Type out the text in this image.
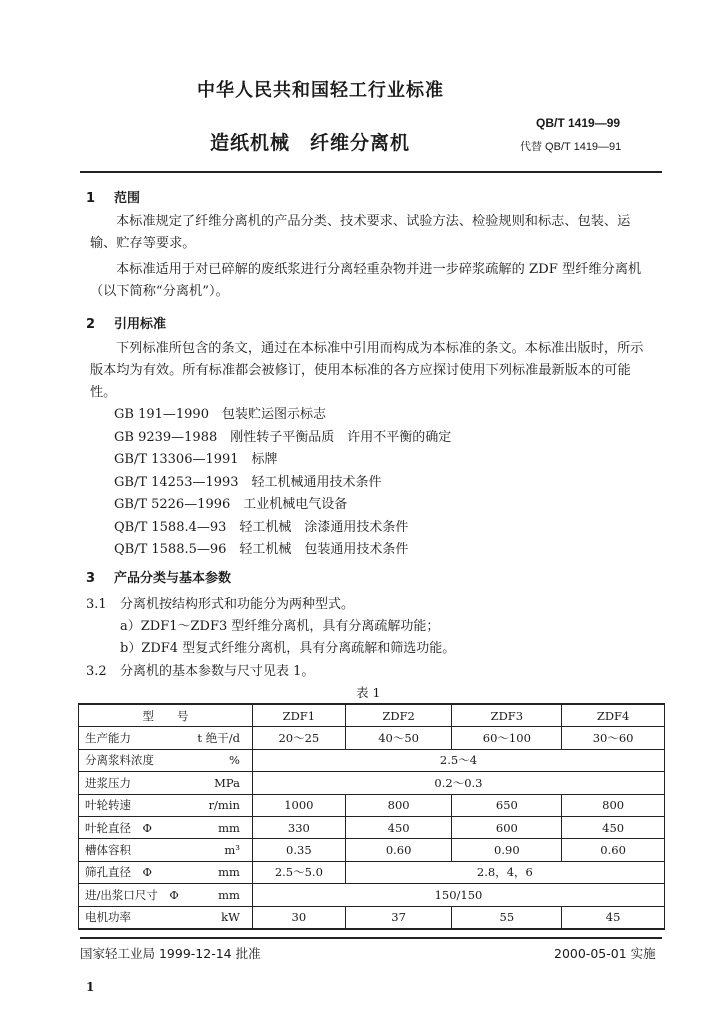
中华人民共和国轻工行业标准
QB/T 1419—99
造纸机械　纤维分离机	代替 QB/T 1419—91
1 范围
本标准规定了纤维分离机的产品分类、技术要求、试验方法、检验规则和标志、包装、运输、贮存等要求。
本标准适用于对已碎解的废纸浆进行分离轻重杂物并进一步碎浆疏解的 ZDF 型纤维分离机（以下简称“分离机”）。
2 引用标准
下列标准所包含的条文，通过在本标准中引用而构成为本标准的条文。本标准出版时，所示版本均为有效。所有标准都会被修订，使用本标准的各方应探讨使用下列标准最新版本的可能性。
GB 191—1990　包装贮运图示标志
GB 9239—1988　刚性转子平衡品质　许用不平衡的确定
GB/T 13306—1991　标牌
GB/T 14253—1993　轻工机械通用技术条件
GB/T 5226—1996　工业机械电气设备
QB/T 1588.4—93　轻工机械　涂漆通用技术条件
QB/T 1588.5—96　轻工机械　包装通用技术条件
3 产品分类与基本参数
3.1 分离机按结构形式和功能分为两种型式。
a）ZDF1～ZDF3 型纤维分离机，具有分离疏解功能；
b）ZDF4 型复式纤维分离机，具有分离疏解和筛选功能。
3.2 分离机的基本参数与尺寸见表 1。
表 1
型　　号		ZDF1	ZDF2	ZDF3	ZDF4
生产能力	t 绝干/d	20～25	40～50	60～100	30～60
分离浆料浓度	%	2.5～4			
进浆压力	MPa	0.2～0.3			
叶轮转速	r/min	1000	800	650	800
叶轮直径　Φ	mm	330	450	600	450
槽体容积	m³	0.35	0.60	0.90	0.60
筛孔直径　Φ	mm	2.5～5.0	2.8，4，6		
进/出浆口尺寸　Φ	mm	150/150			
电机功率	kW	30	37	55	45
国家轻工业局 1999-12-14 批准	2000-05-01 实施
1
